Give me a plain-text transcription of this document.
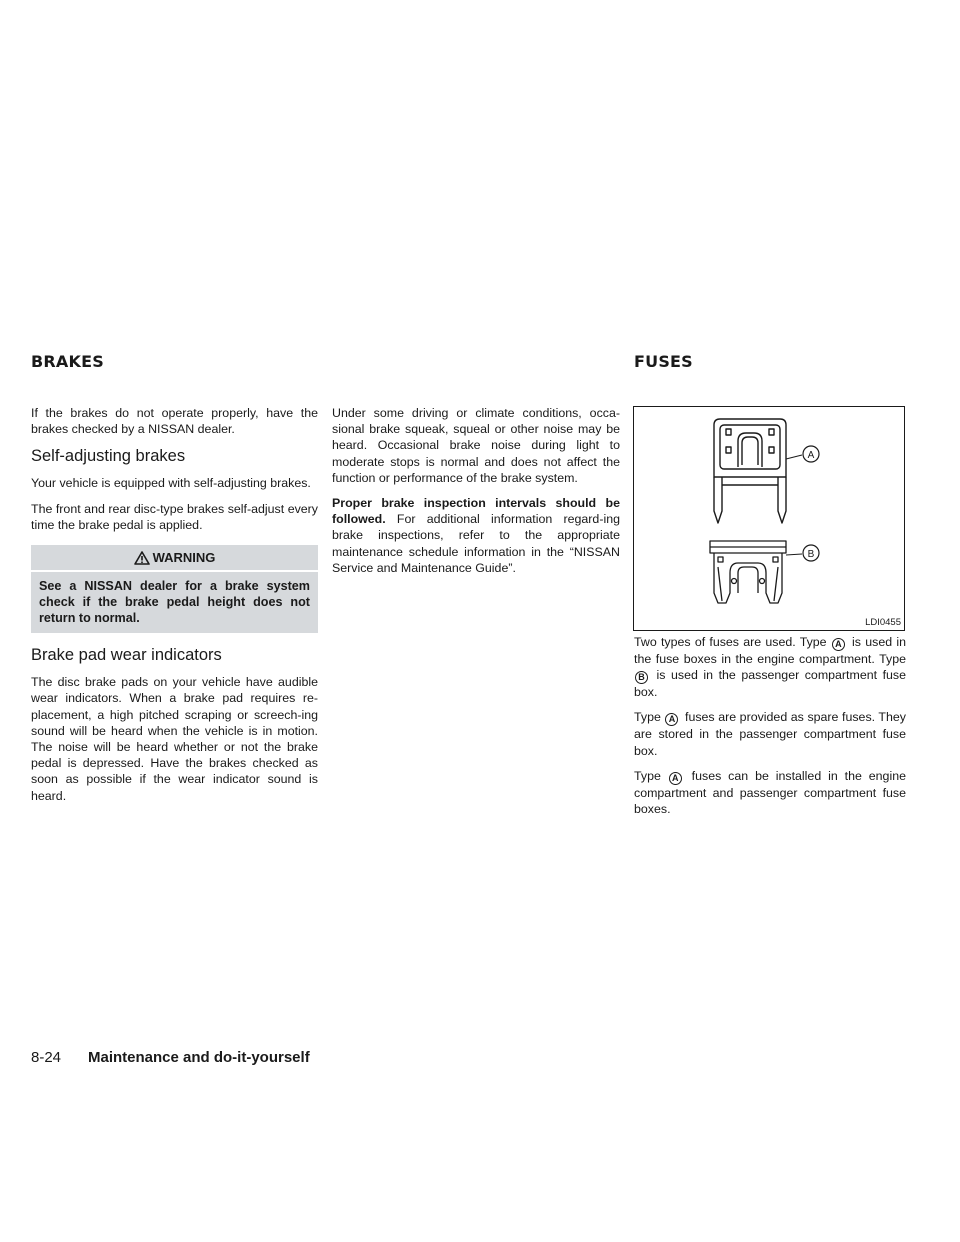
BRAKES	FUSES

If the brakes do not operate properly, have the brakes checked by a NISSAN dealer.

Self-adjusting brakes

Your vehicle is equipped with self-adjusting brakes.

The front and rear disc-type brakes self-adjust every time the brake pedal is applied.

WARNING
See a NISSAN dealer for a brake system check if the brake pedal height does not return to normal.
Brake pad wear indicators

The disc brake pads on your vehicle have audible wear indicators. When a brake pad requires re-placement, a high pitched scraping or screech-ing sound will be heard when the vehicle is in motion. The noise will be heard whether or not the brake pedal is depressed. Have the brakes checked as soon as possible if the wear indicator sound is heard.

Under some driving or climate conditions, occa-sional brake squeak, squeal or other noise may be heard. Occasional brake noise during light to moderate stops is normal and does not affect the function or performance of the brake system.

Proper brake inspection intervals should be followed. For additional information regard-ing brake inspections, refer to the appropriate maintenance schedule information in the “NISSAN Service and Maintenance Guide”.

A
B
LDI0455

Two types of fuses are used. Type A is used in the fuse boxes in the engine compartment. Type B is used in the passenger compartment fuse box.

Type A fuses are provided as spare fuses. They are stored in the passenger compartment fuse box.

Type A fuses can be installed in the engine compartment and passenger compartment fuse boxes.

8-24 Maintenance and do-it-yourself
